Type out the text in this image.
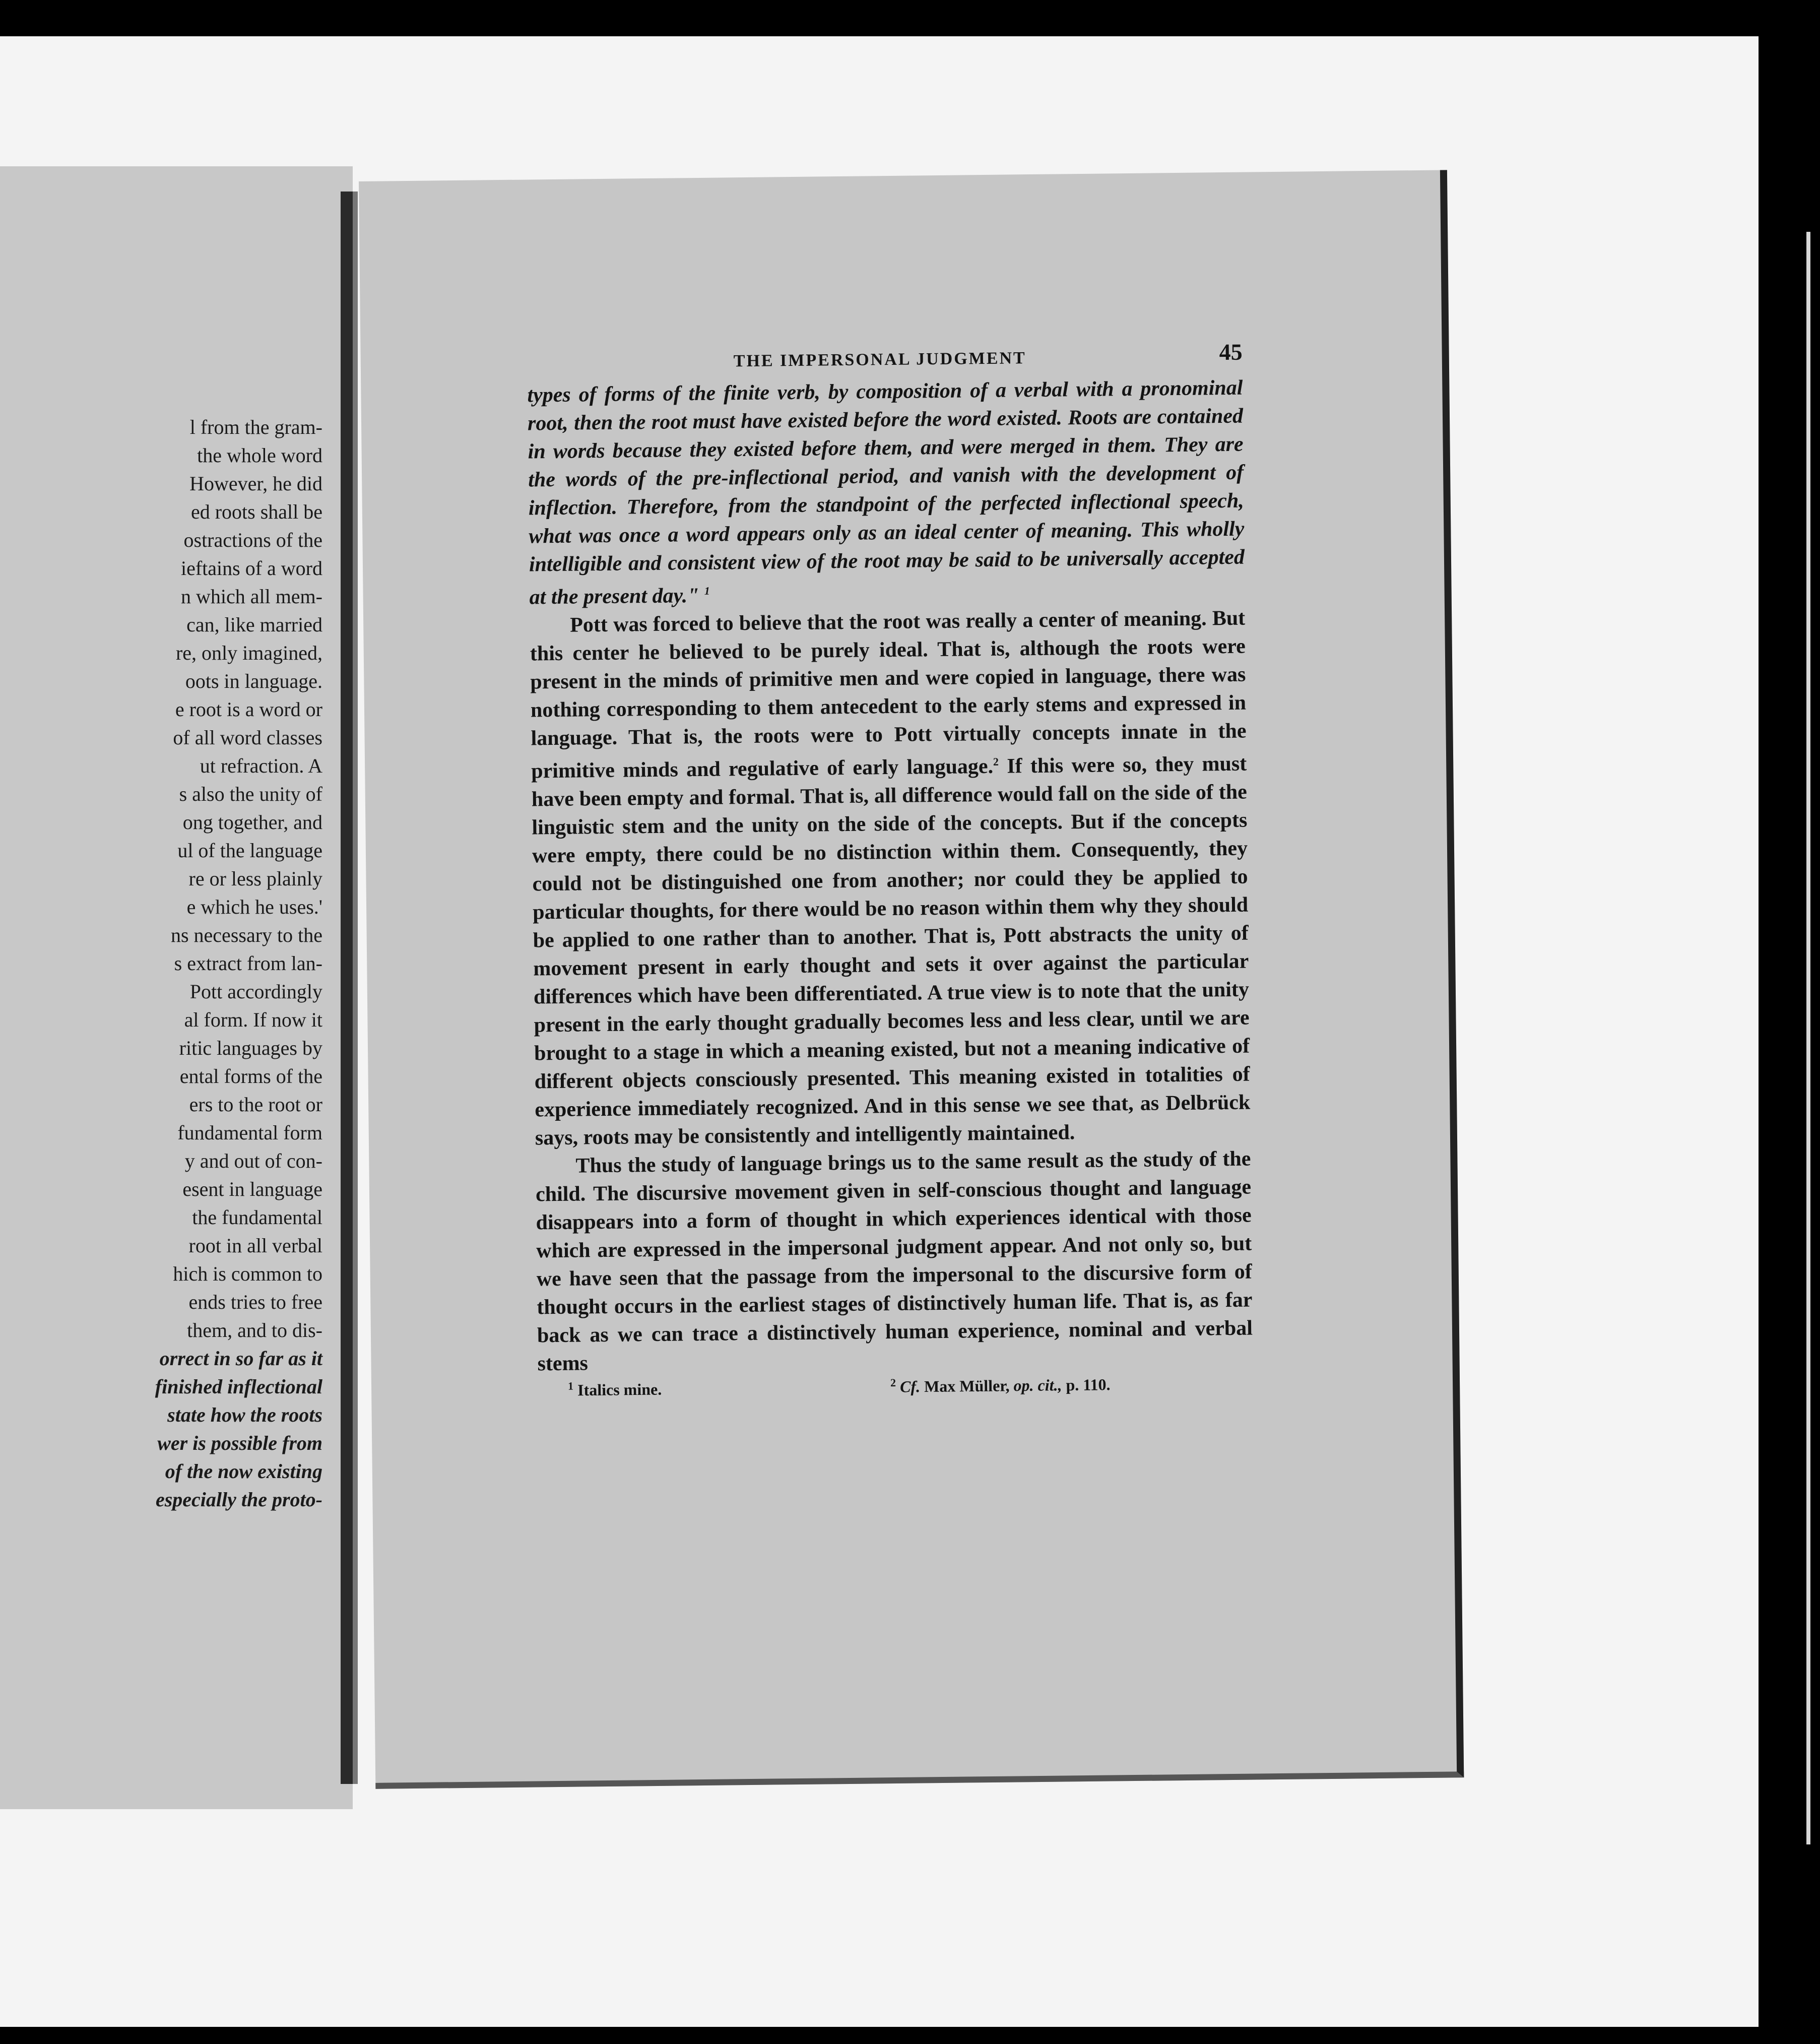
l from the gram-
the whole word
However, he did
ed roots shall be
ostractions of the
ieftains of a word
n which all mem-
can, like married
re, only imagined,
oots in language.
e root is a word or
of all word classes
ut refraction. A
s also the unity of
ong together, and
ul of the language
re or less plainly
e which he uses.'
ns necessary to the
s extract from lan-
Pott accordingly
al form. If now it
ritic languages by
ental forms of the
ers to the root or
fundamental form
y and out of con-
esent in language
the fundamental
root in all verbal
hich is common to
ends tries to free
them, and to dis-
orrect in so far as it
finished inflectional
state how the roots
wer is possible from
of the now existing
especially the proto-
THE IMPERSONAL JUDGMENT	45

types of forms of the finite verb, by composition of a verbal with a pronominal root, then the root must have existed before the word existed. Roots are contained in words because they existed before them, and were merged in them. They are the words of the pre-inflectional period, and vanish with the development of inflection. Therefore, from the standpoint of the perfected inflectional speech, what was once a word appears only as an ideal center of meaning. This wholly intelligible and consistent view of the root may be said to be universally accepted at the present day." $^1$

Pott was forced to believe that the root was really a center of meaning. But this center he believed to be purely ideal. That is, although the roots were present in the minds of primitive men and were copied in language, there was nothing corresponding to them antecedent to the early stems and expressed in language. That is, the roots were to Pott virtually concepts innate in the primitive minds and regulative of early language.$^2$ If this were so, they must have been empty and formal. That is, all difference would fall on the side of the linguistic stem and the unity on the side of the concepts. But if the concepts were empty, there could be no distinction within them. Consequently, they could not be distinguished one from another; nor could they be applied to particular thoughts, for there would be no reason within them why they should be applied to one rather than to another. That is, Pott abstracts the unity of movement present in early thought and sets it over against the particular differences which have been differentiated. A true view is to note that the unity present in the early thought gradually becomes less and less clear, until we are brought to a stage in which a meaning existed, but not a meaning indicative of different objects consciously presented. This meaning existed in totalities of experience immediately recognized. And in this sense we see that, as Delbrück says, roots may be consistently and intelligently maintained.

Thus the study of language brings us to the same result as the study of the child. The discursive movement given in self-conscious thought and language disappears into a form of thought in which experiences identical with those which are expressed in the impersonal judgment appear. And not only so, but we have seen that the passage from the impersonal to the discursive form of thought occurs in the earliest stages of distinctively human life. That is, as far back as we can trace a distinctively human experience, nominal and verbal stems

$^1$ Italics mine.	$^2$ Cf. Max Müller, op. cit., p. 110.
